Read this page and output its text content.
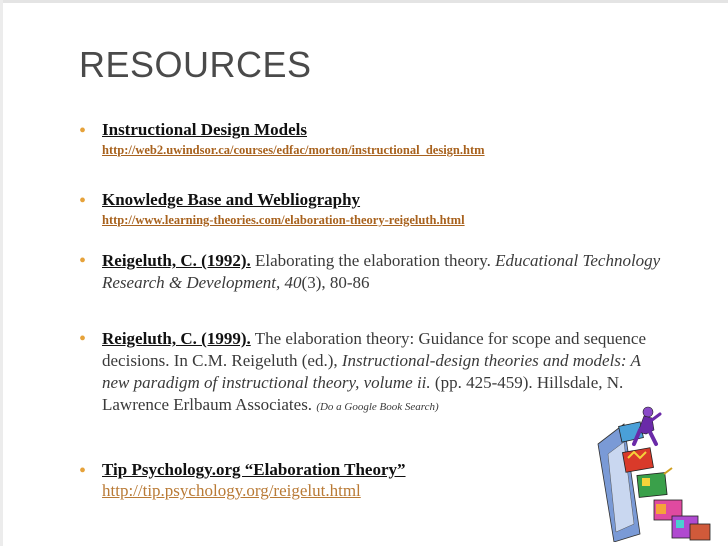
RESOURCES
• Instructional Design Models
http://web2.uwindsor.ca/courses/edfac/morton/instructional_design.htm
• Knowledge Base and Webliography
http://www.learning-theories.com/elaboration-theory-reigeluth.html
• Reigeluth, C. (1992). Elaborating the elaboration theory. Educational Technology Research & Development, 40(3), 80-86
• Reigeluth, C. (1999). The elaboration theory: Guidance for scope and sequence decisions. In C.M. Reigeluth (ed.), Instructional-design theories and models: A new paradigm of instructional theory, volume ii. (pp. 425-459). Hillsdale, N. Lawrence Erlbaum Associates. (Do a Google Book Search)
• Tip Psychology.org “Elaboration Theory”
http://tip.psychology.org/reigelut.html
